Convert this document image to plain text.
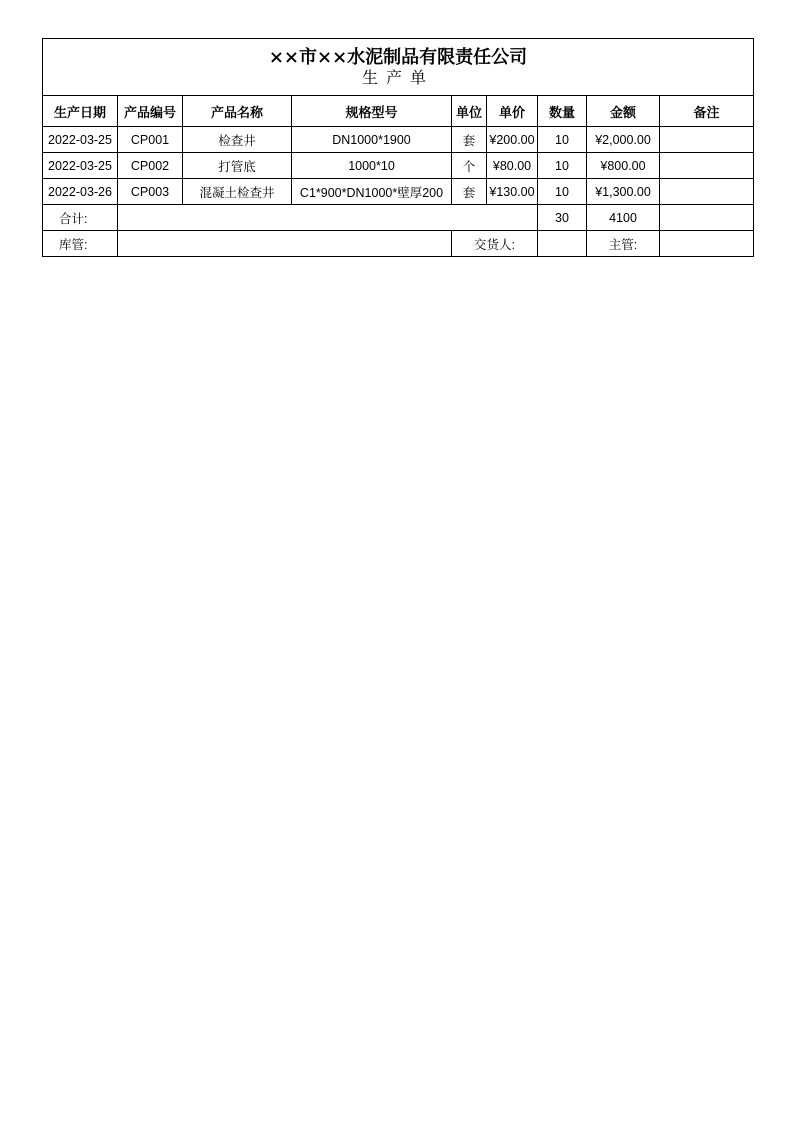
××市××水泥制品有限责任公司
生产单								

生产日期	产品编号	产品名称	规格型号	单位	单价	数量	金额	备注
2022-03-25	CP001	检查井	DN1000*1900	套	¥200.00	10	¥2,000.00	
2022-03-25	CP002	打管底	1000*10	个	¥80.00	10	¥800.00	
2022-03-26	CP003	混凝土检查井	C1*900*DN1000*壁厚200	套	¥130.00	10	¥1,300.00	
合计:						30	4100	
库管:				交货人:			主管:	
